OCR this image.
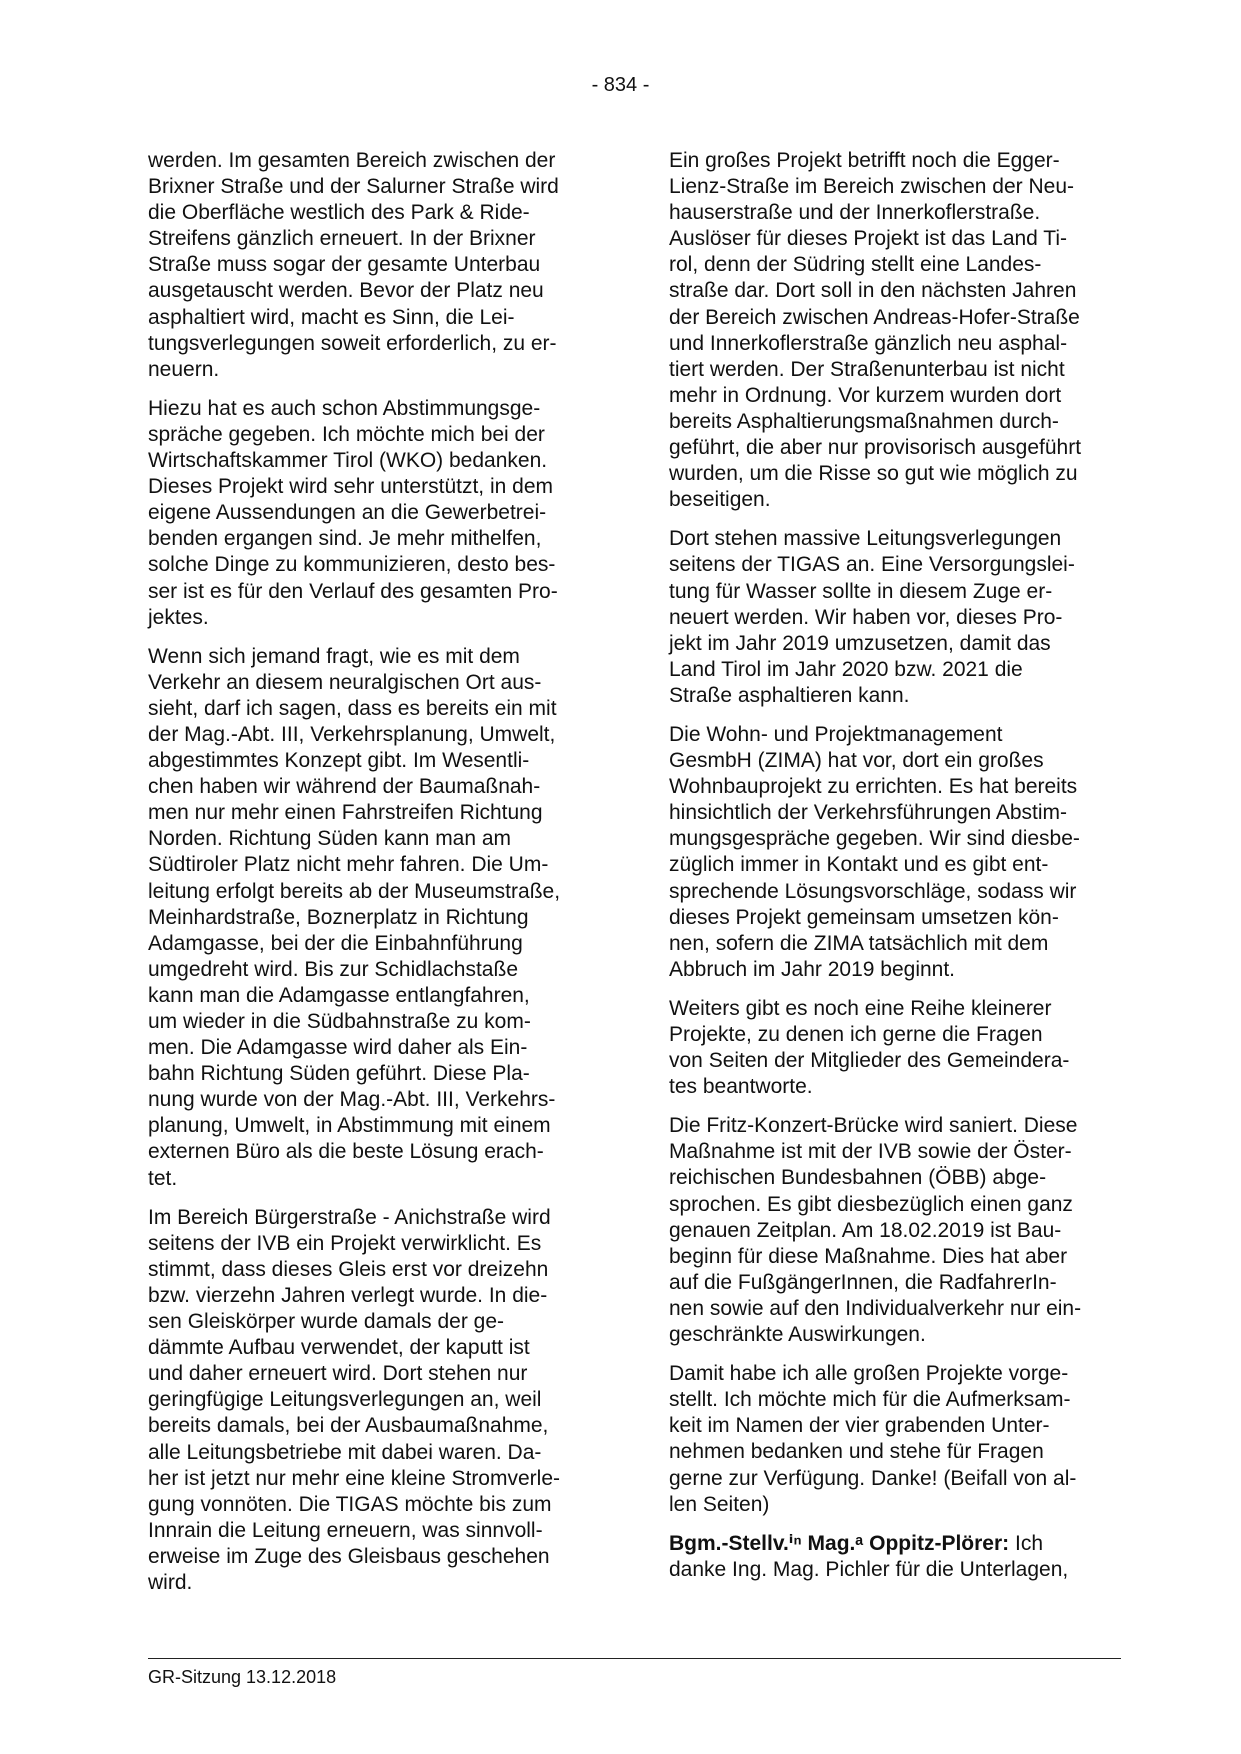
- 834 -

werden. Im gesamten Bereich zwischen der
Brixner Straße und der Salurner Straße wird
die Oberfläche westlich des Park & Ride-
Streifens gänzlich erneuert. In der Brixner
Straße muss sogar der gesamte Unterbau
ausgetauscht werden. Bevor der Platz neu
asphaltiert wird, macht es Sinn, die Lei-
tungsverlegungen soweit erforderlich, zu er-
neuern.

Hiezu hat es auch schon Abstimmungsge-
spräche gegeben. Ich möchte mich bei der
Wirtschaftskammer Tirol (WKO) bedanken.
Dieses Projekt wird sehr unterstützt, in dem
eigene Aussendungen an die Gewerbetrei-
benden ergangen sind. Je mehr mithelfen,
solche Dinge zu kommunizieren, desto bes-
ser ist es für den Verlauf des gesamten Pro-
jektes.

Wenn sich jemand fragt, wie es mit dem
Verkehr an diesem neuralgischen Ort aus-
sieht, darf ich sagen, dass es bereits ein mit
der Mag.-Abt. III, Verkehrsplanung, Umwelt,
abgestimmtes Konzept gibt. Im Wesentli-
chen haben wir während der Baumaßnah-
men nur mehr einen Fahrstreifen Richtung
Norden. Richtung Süden kann man am
Südtiroler Platz nicht mehr fahren. Die Um-
leitung erfolgt bereits ab der Museumstraße,
Meinhardstraße, Boznerplatz in Richtung
Adamgasse, bei der die Einbahnführung
umgedreht wird. Bis zur Schidlachstaße
kann man die Adamgasse entlangfahren,
um wieder in die Südbahnstraße zu kom-
men. Die Adamgasse wird daher als Ein-
bahn Richtung Süden geführt. Diese Pla-
nung wurde von der Mag.-Abt. III, Verkehrs-
planung, Umwelt, in Abstimmung mit einem
externen Büro als die beste Lösung erach-
tet.

Im Bereich Bürgerstraße - Anichstraße wird
seitens der IVB ein Projekt verwirklicht. Es
stimmt, dass dieses Gleis erst vor dreizehn
bzw. vierzehn Jahren verlegt wurde. In die-
sen Gleiskörper wurde damals der ge-
dämmte Aufbau verwendet, der kaputt ist
und daher erneuert wird. Dort stehen nur
geringfügige Leitungsverlegungen an, weil
bereits damals, bei der Ausbaumaßnahme,
alle Leitungsbetriebe mit dabei waren. Da-
her ist jetzt nur mehr eine kleine Stromverle-
gung vonnöten. Die TIGAS möchte bis zum
Innrain die Leitung erneuern, was sinnvoll-
erweise im Zuge des Gleisbaus geschehen
wird.

Ein großes Projekt betrifft noch die Egger-
Lienz-Straße im Bereich zwischen der Neu-
hauserstraße und der Innerkoflerstraße.
Auslöser für dieses Projekt ist das Land Ti-
rol, denn der Südring stellt eine Landes-
straße dar. Dort soll in den nächsten Jahren
der Bereich zwischen Andreas-Hofer-Straße
und Innerkoflerstraße gänzlich neu asphal-
tiert werden. Der Straßenunterbau ist nicht
mehr in Ordnung. Vor kurzem wurden dort
bereits Asphaltierungsmaßnahmen durch-
geführt, die aber nur provisorisch ausgeführt
wurden, um die Risse so gut wie möglich zu
beseitigen.

Dort stehen massive Leitungsverlegungen
seitens der TIGAS an. Eine Versorgungslei-
tung für Wasser sollte in diesem Zuge er-
neuert werden. Wir haben vor, dieses Pro-
jekt im Jahr 2019 umzusetzen, damit das
Land Tirol im Jahr 2020 bzw. 2021 die
Straße asphaltieren kann.

Die Wohn- und Projektmanagement
GesmbH (ZIMA) hat vor, dort ein großes
Wohnbauprojekt zu errichten. Es hat bereits
hinsichtlich der Verkehrsführungen Abstim-
mungsgespräche gegeben. Wir sind diesbe-
züglich immer in Kontakt und es gibt ent-
sprechende Lösungsvorschläge, sodass wir
dieses Projekt gemeinsam umsetzen kön-
nen, sofern die ZIMA tatsächlich mit dem
Abbruch im Jahr 2019 beginnt.

Weiters gibt es noch eine Reihe kleinerer
Projekte, zu denen ich gerne die Fragen
von Seiten der Mitglieder des Gemeindera-
tes beantworte.

Die Fritz-Konzert-Brücke wird saniert. Diese
Maßnahme ist mit der IVB sowie der Öster-
reichischen Bundesbahnen (ÖBB) abge-
sprochen. Es gibt diesbezüglich einen ganz
genauen Zeitplan. Am 18.02.2019 ist Bau-
beginn für diese Maßnahme. Dies hat aber
auf die FußgängerInnen, die RadfahrerIn-
nen sowie auf den Individualverkehr nur ein-
geschränkte Auswirkungen.

Damit habe ich alle großen Projekte vorge-
stellt. Ich möchte mich für die Aufmerksam-
keit im Namen der vier grabenden Unter-
nehmen bedanken und stehe für Fragen
gerne zur Verfügung. Danke! (Beifall von al-
len Seiten)

Bgm.-Stellv.ⁱⁿ Mag.ᵃ Oppitz-Plörer: Ich
danke Ing. Mag. Pichler für die Unterlagen,

GR-Sitzung 13.12.2018
